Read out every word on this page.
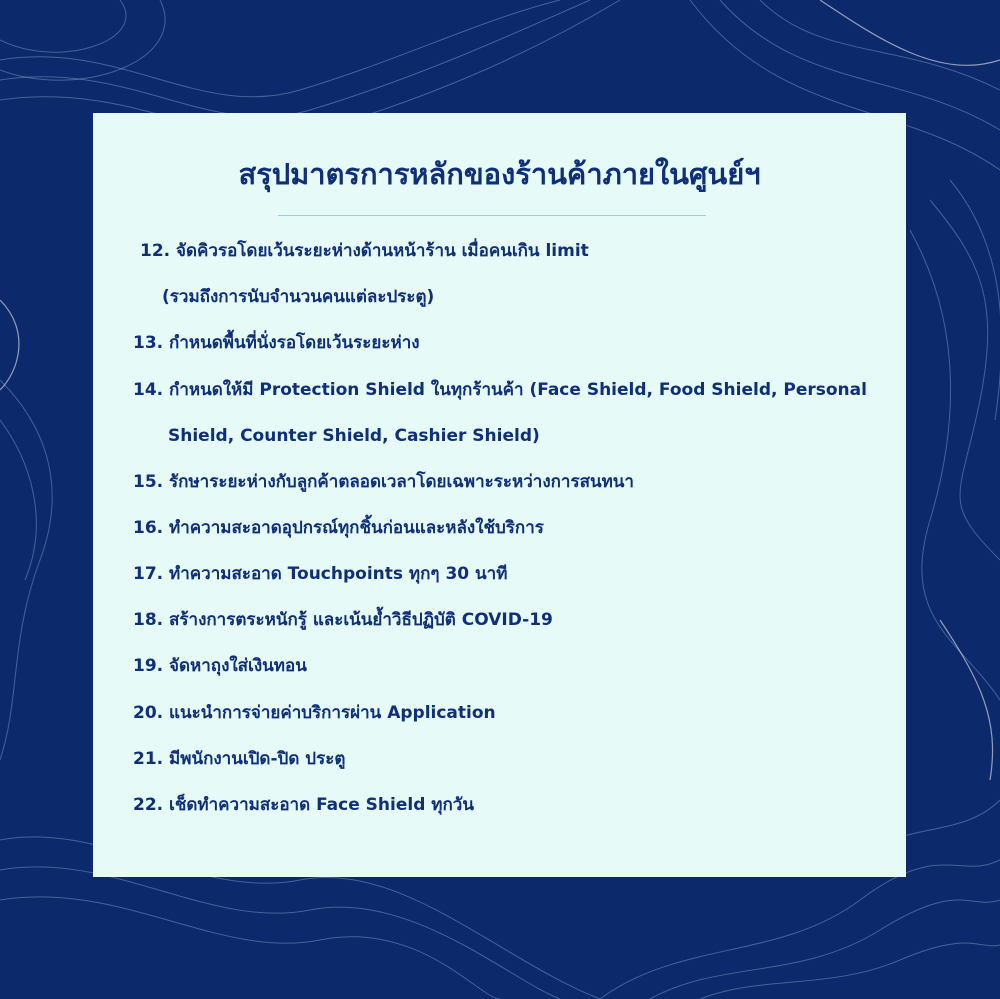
สรุปมาตรการหลักของร้านค้าภายในศูนย์ฯ
12. จัดคิวรอโดยเว้นระยะห่างด้านหน้าร้าน เมื่อคนเกิน limit
(รวมถึงการนับจำนวนคนแต่ละประตู)
13. กำหนดพื้นที่นั่งรอโดยเว้นระยะห่าง
14. กำหนดให้มี Protection Shield ในทุกร้านค้า (Face Shield, Food Shield, Personal
Shield, Counter Shield, Cashier Shield)
15. รักษาระยะห่างกับลูกค้าตลอดเวลาโดยเฉพาะระหว่างการสนทนา
16. ทำความสะอาดอุปกรณ์ทุกชิ้นก่อนและหลังใช้บริการ
17. ทำความสะอาด Touchpoints ทุกๆ 30 นาที
18. สร้างการตระหนักรู้ และเน้นย้ำวิธีปฏิบัติ COVID-19
19. จัดหาถุงใส่เงินทอน
20. แนะนำการจ่ายค่าบริการผ่าน Application
21. มีพนักงานเปิด-ปิด ประตู
22. เช็ดทำความสะอาด Face Shield ทุกวัน
